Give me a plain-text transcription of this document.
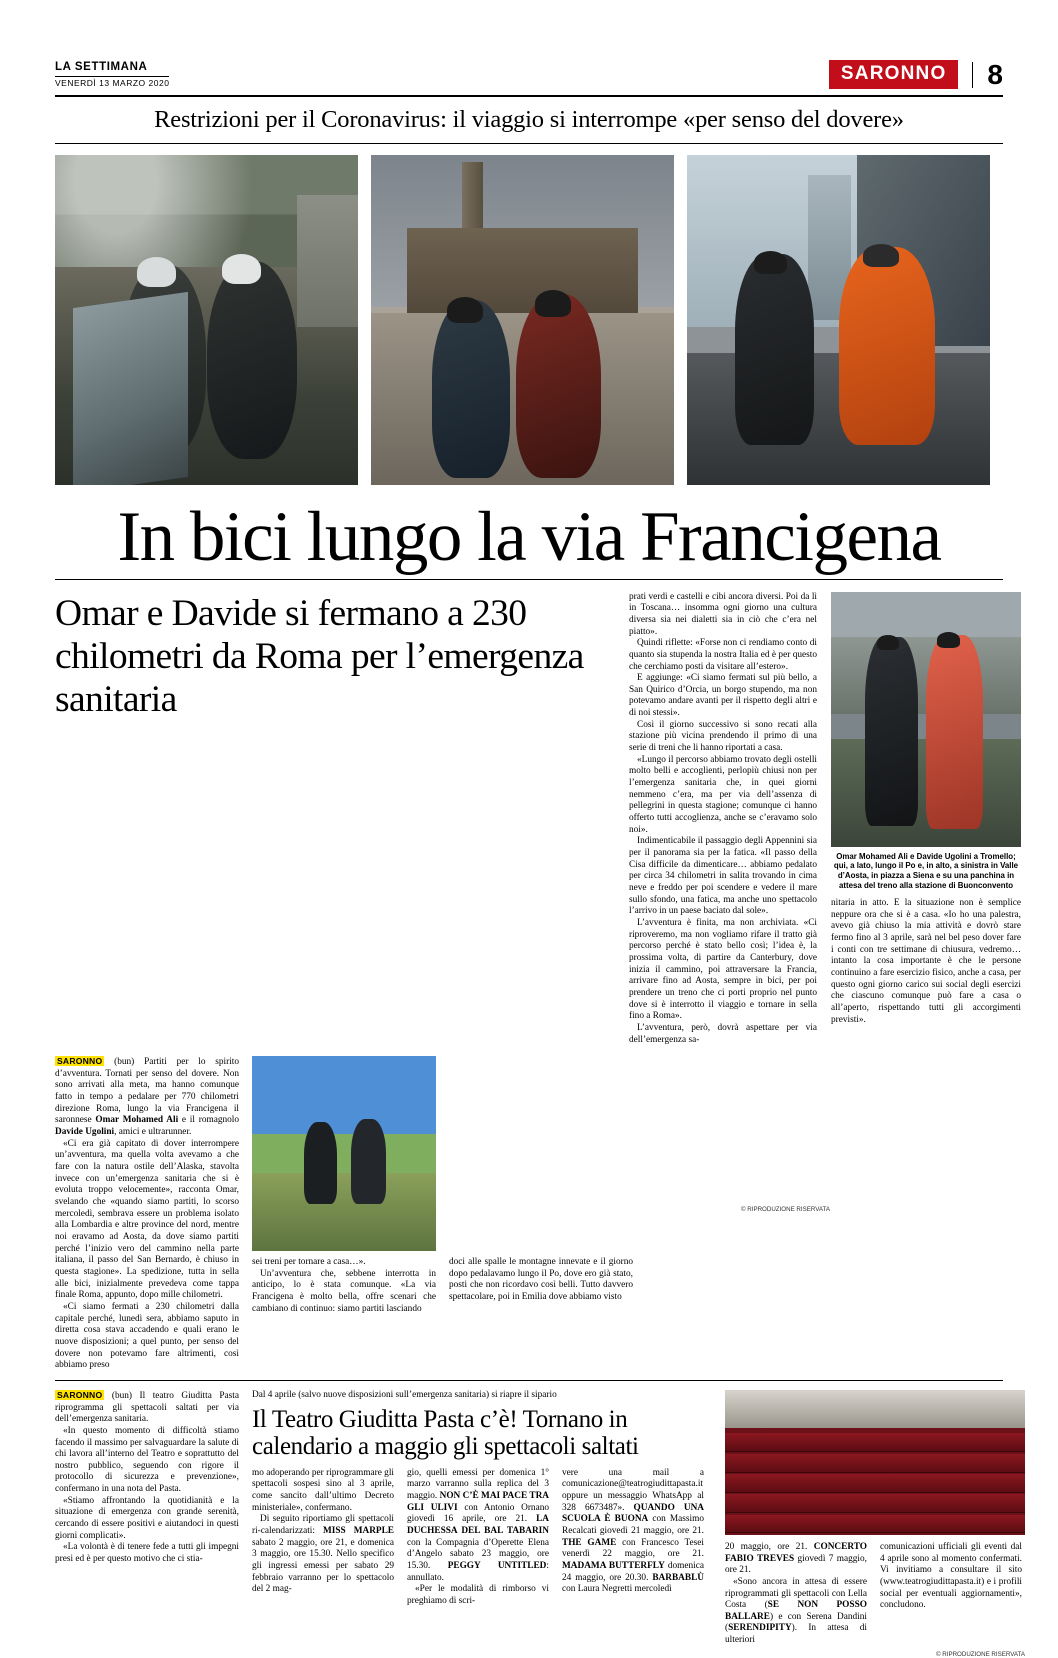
LA SETTIMANA
VENERDÌ 13 MARZO 2020	SARONNO	8
Restrizioni per il Coronavirus: il viaggio si interrompe «per senso del dovere»
In bici lungo la via Francigena
Omar e Davide si fermano a 230 chilometri da Roma per l’emergenza sanitaria

prati verdi e castelli e cibi ancora diversi. Poi da lì in Toscana… insomma ogni giorno una cultura diversa sia nei dialetti sia in ciò che c’era nel piatto».

Quindi riflette: «Forse non ci rendiamo conto di quanto sia stupenda la nostra Italia ed è per questo che cerchiamo posti da visitare all’estero».

E aggiunge: «Ci siamo fermati sul più bello, a San Quirico d’Orcia, un borgo stupendo, ma non potevamo andare avanti per il rispetto degli altri e di noi stessi».

Così il giorno successivo si sono recati alla stazione più vicina prendendo il primo di una serie di treni che li hanno riportati a casa.

«Lungo il percorso abbiamo trovato degli ostelli molto belli e accoglienti, perlopiù chiusi non per l’emergenza sanitaria che, in quei giorni nemmeno c’era, ma per via dell’assenza di pellegrini in questa stagione; comunque ci hanno offerto tutti accoglienza, anche se c’eravamo solo noi».

Indimenticabile il passaggio degli Appennini sia per il panorama sia per la fatica. «Il passo della Cisa difficile da dimenticare… abbiamo pedalato per circa 34 chilometri in salita trovando in cima neve e freddo per poi scendere e vedere il mare sullo sfondo, una fatica, ma anche uno spettacolo l’arrivo in un paese baciato dal sole».

L’avventura è finita, ma non archiviata. «Ci riproveremo, ma non vogliamo rifare il tratto già percorso perché è stato bello così; l’idea è, la prossima volta, di partire da Canterbury, dove inizia il cammino, poi attraversare la Francia, arrivare fino ad Aosta, sempre in bici, per poi prendere un treno che ci porti proprio nel punto dove si è interrotto il viaggio e tornare in sella fino a Roma».

L’avventura, però, dovrà aspettare per via dell’emergenza sa-

Omar Mohamed Ali e Davide Ugolini a Tromello; qui, a lato, lungo il Po e, in alto, a sinistra in Valle d’Aosta, in piazza a Siena e su una panchina in attesa del treno alla stazione di Buonconvento

nitaria in atto. E la situazione non è semplice neppure ora che si è a casa. «Io ho una palestra, avevo già chiuso la mia attività e dovrò stare fermo fino al 3 aprile, sarà nel bel peso dover fare i conti con tre settimane di chiusura, vedremo… intanto la cosa importante è che le persone continuino a fare esercizio fisico, anche a casa, per questo ogni giorno carico sui social degli esercizi che ciascuno comunque può fare a casa o all’aperto, rispettando tutti gli accorgimenti previsti».

SARONNO (bun) Partiti per lo spirito d’avventura. Tornati per senso del dovere. Non sono arrivati alla meta, ma hanno comunque fatto in tempo a pedalare per 770 chilometri direzione Roma, lungo la via Francigena il saronnese Omar Mohamed Ali e il romagnolo Davide Ugolini, amici e ultrarunner.

«Ci era già capitato di dover interrompere un’avventura, ma quella volta avevamo a che fare con la natura ostile dell’Alaska, stavolta invece con un’emergenza sanitaria che si è evoluta troppo velocemente», racconta Omar, svelando che «quando siamo partiti, lo scorso mercoledì, sembrava essere un problema isolato alla Lombardia e altre province del nord, mentre noi eravamo ad Aosta, da dove siamo partiti perché l’inizio vero del cammino nella parte italiana, il passo del San Bernardo, è chiuso in questa stagione». La spedizione, tutta in sella alle bici, inizialmente prevedeva come tappa finale Roma, appunto, dopo mille chilometri.

«Ci siamo fermati a 230 chilometri dalla capitale perché, lunedì sera, abbiamo saputo in diretta cosa stava accadendo e quali erano le nuove disposizioni; a quel punto, per senso del dovere non potevamo fare altrimenti, così abbiamo preso

sei treni per tornare a casa…».

Un’avventura che, sebbene interrotta in anticipo, lo è stata comunque. «La via Francigena è molto bella, offre scenari che cambiano di continuo: siamo partiti lasciando

doci alle spalle le montagne innevate e il giorno dopo pedalavamo lungo il Po, dove ero già stato, posti che non ricordavo così belli. Tutto davvero spettacolare, poi in Emilia dove abbiamo visto

© RIPRODUZIONE RISERVATA

SARONNO (bun) Il teatro Giuditta Pasta riprogramma gli spettacoli saltati per via dell’emergenza sanitaria.

«In questo momento di difficoltà stiamo facendo il massimo per salvaguardare la salute di chi lavora all’interno del Teatro e soprattutto del nostro pubblico, seguendo con rigore il protocollo di sicurezza e prevenzione», confermano in una nota del Pasta.

«Stiamo affrontando la quotidianità e la situazione di emergenza con grande serenità, cercando di essere positivi e aiutandoci in questi giorni complicati».

«La volontà è di tenere fede a tutti gli impegni presi ed è per questo motivo che ci stia-

Dal 4 aprile (salvo nuove disposizioni sull’emergenza sanitaria) si riapre il sipario
Il Teatro Giuditta Pasta c’è! Tornano in calendario a maggio gli spettacoli saltati

mo adoperando per riprogrammare gli spettacoli sospesi sino al 3 aprile, come sancito dall’ultimo Decreto ministeriale», confermano.

Di seguito riportiamo gli spettacoli ri-calendarizzati: MISS MARPLE sabato 2 maggio, ore 21, e domenica 3 maggio, ore 15.30. Nello specifico gli ingressi emessi per sabato 29 febbraio varranno per lo spettacolo del 2 mag-

gio, quelli emessi per domenica 1° marzo varranno sulla replica del 3 maggio. NON C’È MAI PACE TRA GLI ULIVI con Antonio Ornano giovedì 16 aprile, ore 21. LA DUCHESSA DEL BAL TABARIN con la Compagnia d’Operette Elena d’Angelo sabato 23 maggio, ore 15.30. PEGGY UNTITLED: annullato.

«Per le modalità di rimborso vi preghiamo di scri-

vere una mail a comunicazione@teatrogiudittapasta.it oppure un messaggio WhatsApp al 328 6673487». QUANDO UNA SCUOLA È BUONA con Massimo Recalcati giovedì 21 maggio, ore 21. THE GAME con Francesco Tesei venerdì 22 maggio, ore 21. MADAMA BUTTERFLY domenica 24 maggio, ore 20.30. BARBABLÙ con Laura Negretti mercoledì

20 maggio, ore 21. CONCERTO FABIO TREVES giovedì 7 maggio, ore 21.

«Sono ancora in attesa di essere riprogrammati gli spettacoli con Lella Costa (SE NON POSSO BALLARE) e con Serena Dandini (SERENDIPITY). In attesa di ulteriori

comunicazioni ufficiali gli eventi dal 4 aprile sono al momento confermati. Vi invitiamo a consultare il sito (www.teatrogiudittapasta.it) e i profili social per eventuali aggiornamenti», concludono.

© RIPRODUZIONE RISERVATA
